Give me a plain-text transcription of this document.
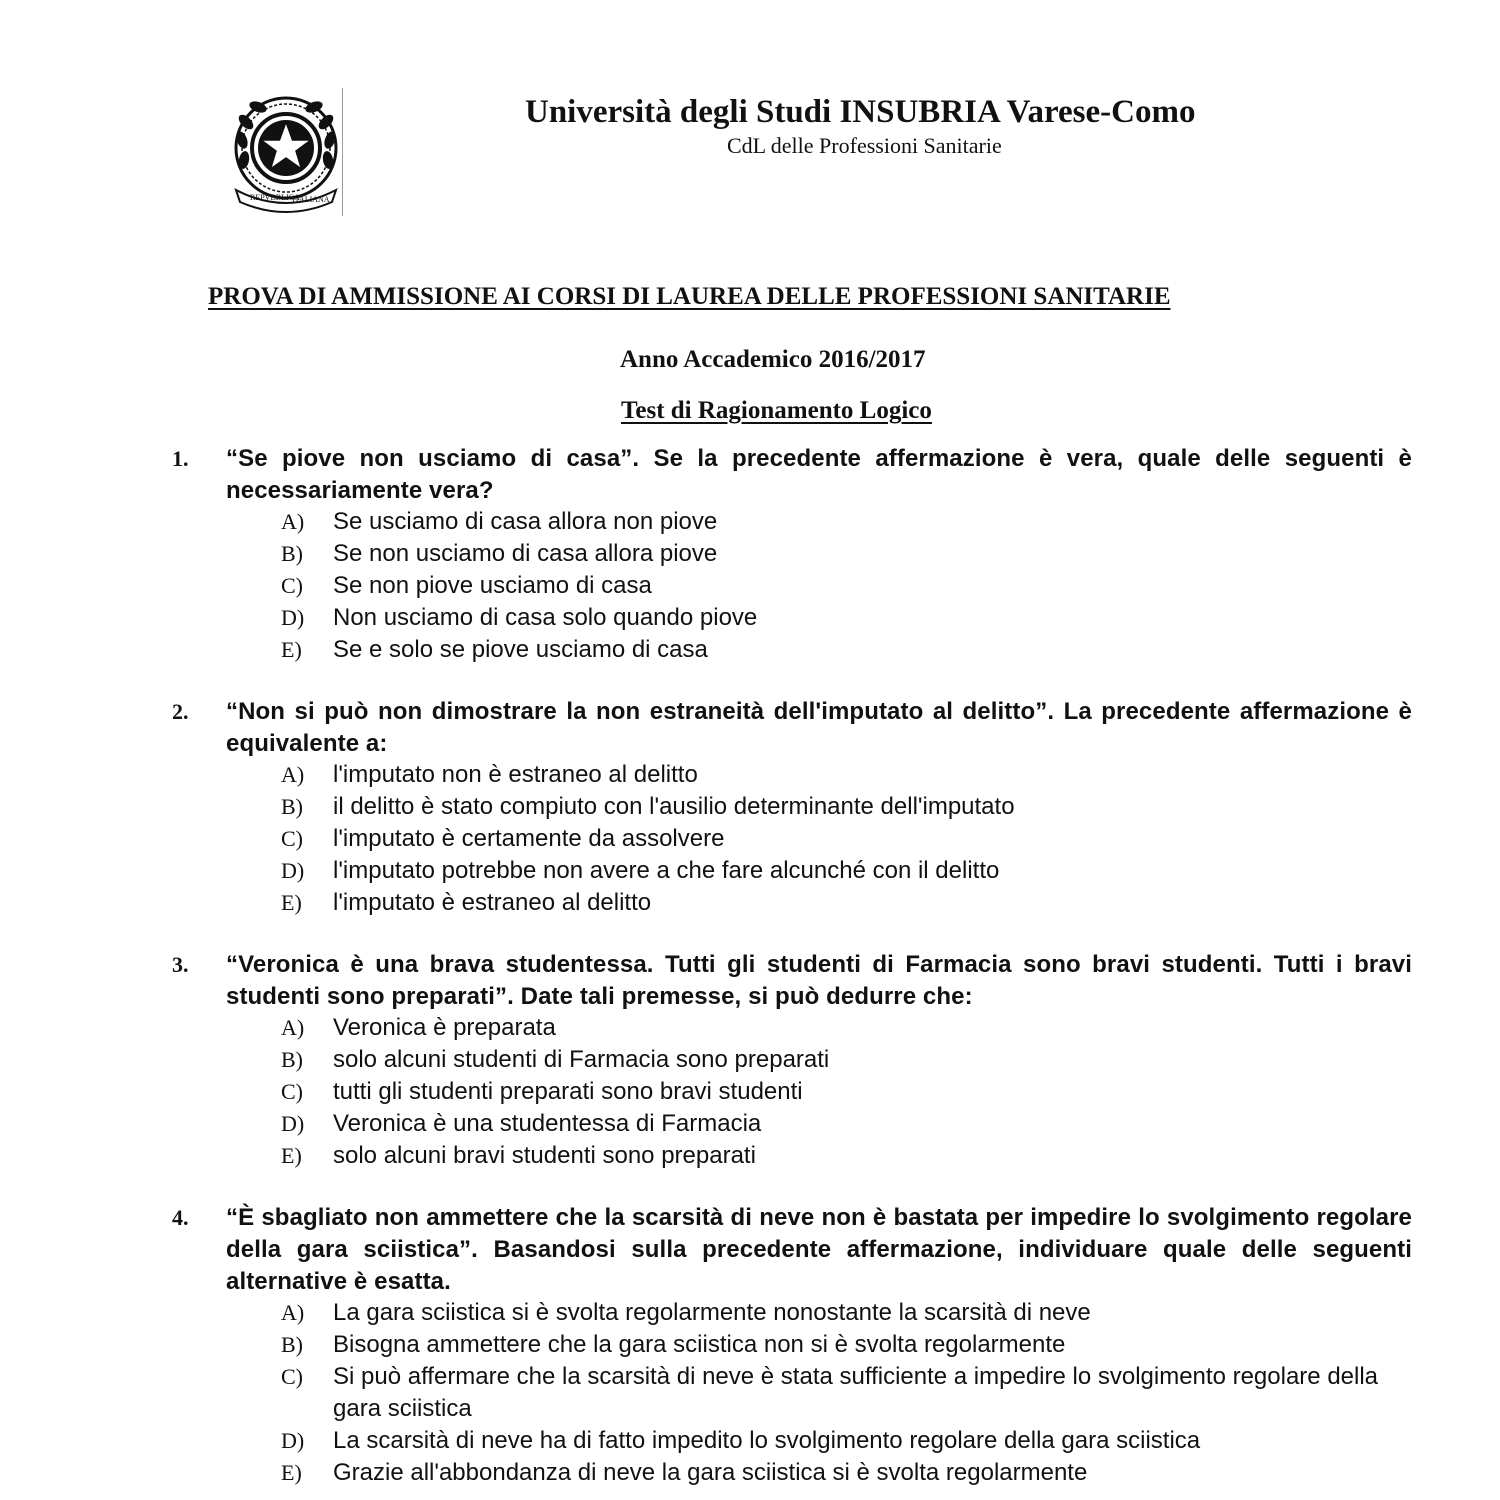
REPVBBLICA
ITALIANA
Università degli Studi INSUBRIA Varese-Como
CdL delle Professioni Sanitarie
PROVA DI AMMISSIONE AI CORSI DI LAUREA DELLE PROFESSIONI SANITARIE
Anno Accademico 2016/2017
Test di Ragionamento Logico
1. “Se piove non usciamo di casa”. Se la precedente affermazione è vera, quale delle seguenti è necessariamente vera?
A) Se usciamo di casa allora non piove
B) Se non usciamo di casa allora piove
C) Se non piove usciamo di casa
D) Non usciamo di casa solo quando piove
E) Se e solo se piove usciamo di casa
2. “Non si può non dimostrare la non estraneità dell'imputato al delitto”. La precedente affermazione è equivalente a:
A) l'imputato non è estraneo al delitto
B) il delitto è stato compiuto con l'ausilio determinante dell'imputato
C) l'imputato è certamente da assolvere
D) l'imputato potrebbe non avere a che fare alcunché con il delitto
E) l'imputato è estraneo al delitto
3. “Veronica è una brava studentessa. Tutti gli studenti di Farmacia sono bravi studenti. Tutti i bravi studenti sono preparati”. Date tali premesse, si può dedurre che:
A) Veronica è preparata
B) solo alcuni studenti di Farmacia sono preparati
C) tutti gli studenti preparati sono bravi studenti
D) Veronica è una studentessa di Farmacia
E) solo alcuni bravi studenti sono preparati
4. “È sbagliato non ammettere che la scarsità di neve non è bastata per impedire lo svolgimento regolare della gara sciistica”. Basandosi sulla precedente affermazione, individuare quale delle seguenti alternative è esatta.
A) La gara sciistica si è svolta regolarmente nonostante la scarsità di neve
B) Bisogna ammettere che la gara sciistica non si è svolta regolarmente
C) Si può affermare che la scarsità di neve è stata sufficiente a impedire lo svolgimento regolare della gara sciistica
D) La scarsità di neve ha di fatto impedito lo svolgimento regolare della gara sciistica
E) Grazie all'abbondanza di neve la gara sciistica si è svolta regolarmente
